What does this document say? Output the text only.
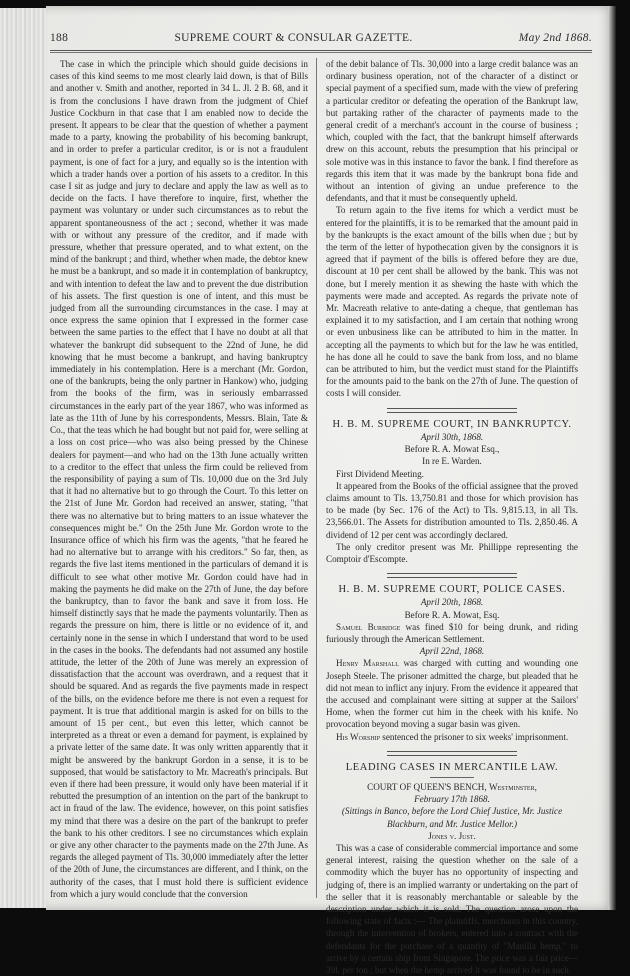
188	SUPREME COURT & CONSULAR GAZETTE.	May 2nd 1868.

The case in which the principle which should guide decisions in cases of this kind seems to me most clearly laid down, is that of Bills and another v. Smith and another, reported in 34 L. Jl. 2 B. 68, and it is from the conclusions I have drawn from the judgment of Chief Justice Cockburn in that case that I am enabled now to decide the present. It appears to be clear that the question of whether a payment made to a party, knowing the probability of his becoming bankrupt, and in order to prefer a particular creditor, is or is not a fraudulent payment, is one of fact for a jury, and equally so is the intention with which a trader hands over a portion of his assets to a creditor. In this case I sit as judge and jury to declare and apply the law as well as to decide on the facts. I have therefore to inquire, first, whether the payment was voluntary or under such circumstances as to rebut the apparent spontaneousness of the act ; second, whether it was made with or without any pressure of the creditor, and if made with pressure, whether that pressure operated, and to what extent, on the mind of the bankrupt ; and third, whether when made, the debtor knew he must be a bankrupt, and so made it in contemplation of bankruptcy, and with intention to defeat the law and to prevent the due distribution of his assets. The first question is one of intent, and this must be judged from all the surrounding circumstances in the case. I may at once express the same opinion that I expressed in the former case between the same parties to the effect that I have no doubt at all that whatever the bankrupt did subsequent to the 22nd of June, he did knowing that he must become a bankrupt, and having bankruptcy immediately in his contemplation. Here is a merchant (Mr. Gordon, one of the bankrupts, being the only partner in Hankow) who, judging from the books of the firm, was in seriously embarrassed circumstances in the early part of the year 1867, who was informed as late as the 11th of June by his correspondents, Messrs. Blain, Tate & Co., that the teas which he had bought but not paid for, were selling at a loss on cost price—who was also being pressed by the Chinese dealers for payment—and who had on the 13th June actually written to a creditor to the effect that unless the firm could be relieved from the responsibility of paying a sum of Tls. 10,000 due on the 3rd July that it had no alternative but to go through the Court. To this letter on the 21st of June Mr. Gordon had received an answer, stating, "that there was no alternative but to bring matters to an issue whatever the consequences might be." On the 25th June Mr. Gordon wrote to the Insurance office of which his firm was the agents, "that he feared he had no alternative but to arrange with his creditors." So far, then, as regards the five last items mentioned in the particulars of demand it is difficult to see what other motive Mr. Gordon could have had in making the payments he did make on the 27th of June, the day before the bankruptcy, than to favor the bank and save it from loss. He himself distinctly says that he made the payments voluntarily. Then as regards the pressure on him, there is little or no evidence of it, and certainly none in the sense in which I understand that word to be used in the cases in the books. The defendants had not assumed any hostile attitude, the letter of the 20th of June was merely an expression of dissatisfaction that the account was overdrawn, and a request that it should be squared. And as regards the five payments made in respect of the bills, on the evidence before me there is not even a request for payment. It is true that additional margin is asked for on bills to the amount of 15 per cent., but even this letter, which cannot be interpreted as a threat or even a demand for payment, is explained by a private letter of the same date. It was only written apparently that it might be answered by the bankrupt Gordon in a sense, it is to be supposed, that would be satisfactory to Mr. Macreath's principals. But even if there had been pressure, it would only have been material if it rebutted the presumption of an intention on the part of the bankrupt to act in fraud of the law. The evidence, however, on this point satisfies my mind that there was a desire on the part of the bankrupt to prefer the bank to his other creditors. I see no circumstances which explain or give any other character to the payments made on the 27th June. As regards the alleged payment of Tls. 30,000 immediately after the letter of the 20th of June, the circumstances are different, and I think, on the authority of the cases, that I must hold there is sufficient evidence from which a jury would conclude that the conversion

of the debit balance of Tls. 30,000 into a large credit balance was an ordinary business operation, not of the character of a distinct or special payment of a specified sum, made with the view of prefering a particular creditor or defeating the operation of the Bankrupt law, but partaking rather of the character of payments made to the general credit of a merchant's account in the course of business ; which, coupled with the fact, that the bankrupt himself afterwards drew on this account, rebuts the presumption that his principal or sole motive was in this instance to favor the bank. I find therefore as regards this item that it was made by the bankrupt bona fide and without an intention of giving an undue preference to the defendants, and that it must be consequently upheld.

To return again to the five items for which a verdict must be entered for the plaintiffs, it is to be remarked that the amount paid in by the bankrupts is the exact amount of the bills when due ; but by the term of the letter of hypothecation given by the consignors it is agreed that if payment of the bills is offered before they are due, discount at 10 per cent shall be allowed by the bank. This was not done, but I merely mention it as shewing the haste with which the payments were made and accepted. As regards the private note of Mr. Macreath relative to ante-dating a cheque, that gentleman has explained it to my satisfaction, and I am certain that nothing wrong or even unbusiness like can be attributed to him in the matter. In accepting all the payments to which but for the law he was entitled, he has done all he could to save the bank from loss, and no blame can be attributed to him, but the verdict must stand for the Plaintiffs for the amounts paid to the bank on the 27th of June. The question of costs I will consider.

H. B. M. SUPREME COURT, IN BANKRUPTCY.

April 30th, 1868.

Before R. A. Mowat Esq.,

In re E. Warden.

First Dividend Meeting.

It appeared from the Books of the official assignee that the proved claims amount to Tls. 13,750.81 and those for which provision has to be made (by Sec. 176 of the Act) to Tls. 9,815.13, in all Tls. 23,566.01. The Assets for distribution amounted to Tls. 2,850.46. A dividend of 12 per cent was accordingly declared.

The only creditor present was Mr. Phillippe representing the Comptoir d'Escompte.

H. B. M. SUPREME COURT, POLICE CASES.

April 20th, 1868.

Before R. A. Mowat, Esq.

Samuel Burbidge was fined $10 for being drunk, and riding furiously through the American Settlement.

April 22nd, 1868.

Henry Marshall was charged with cutting and wounding one Joseph Steele. The prisoner admitted the charge, but pleaded that he did not mean to inflict any injury. From the evidence it appeared that the accused and complainant were sitting at supper at the Sailors' Home, when the former cut him in the cheek with his knife. No provocation beyond moving a sugar basin was given.

His Worship sentenced the prisoner to six weeks' imprisonment.

LEADING CASES IN MERCANTILE LAW.

COURT OF QUEEN'S BENCH, Westminster,

February 17th 1868.

(Sittings in Banco, before the Lord Chief Justice, Mr. Justice Blackburn, and Mr. Justice Mellor.)

Jones v. Just.

This was a case of considerable commercial importance and some general interest, raising the question whether on the sale of a commodity which the buyer has no opportunity of inspecting and judging of, there is an implied warranty or undertaking on the part of the seller that it is reasonably merchantable or saleable by the description under which it is sold. The question arose upon the following state of facts :— The plaintiffs, merchants in this country, through the intervention of brokers, entered into a contract with the defendants for the purchase of a quantity of "Manilla hemp," to arrive by a certain ship from Singapore. The price was a fair price—39l. per ton ; but when the hemp arrived it was found to be in such
